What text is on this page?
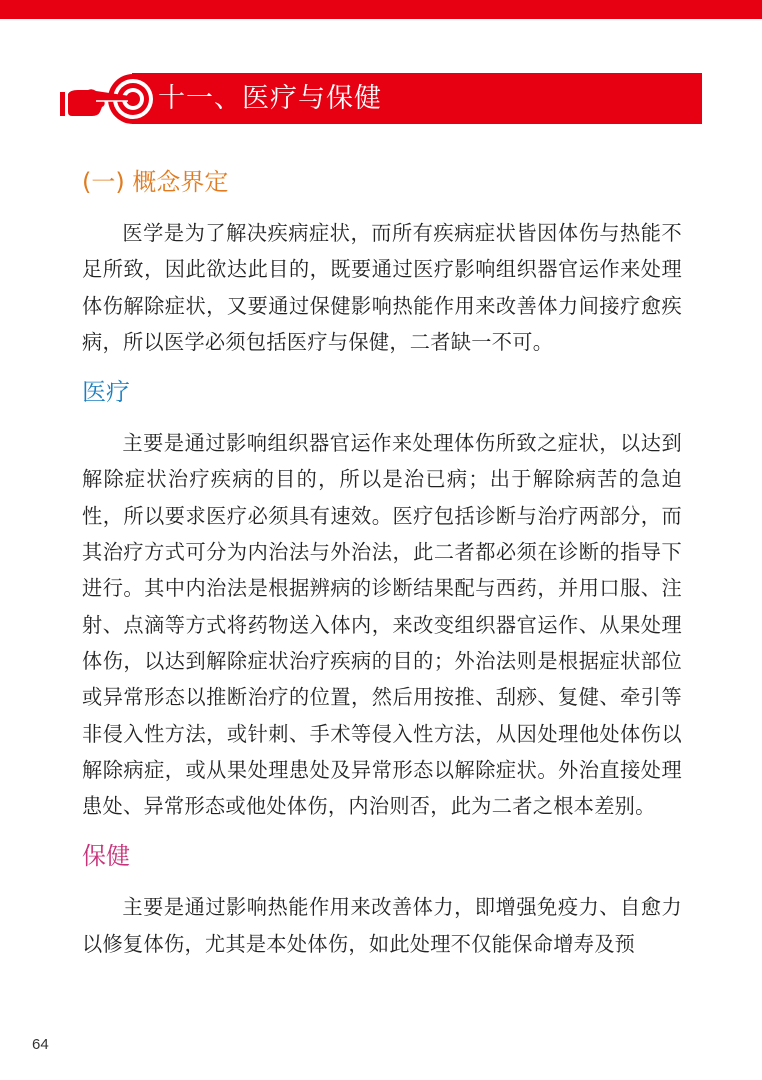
十一、医疗与保健
(一) 概念界定

医学是为了解决疾病症状，而所有疾病症状皆因体伤与热能不足所致，因此欲达此目的，既要通过医疗影响组织器官运作来处理体伤解除症状，又要通过保健影响热能作用来改善体力间接疗愈疾病，所以医学必须包括医疗与保健，二者缺一不可。

医疗

主要是通过影响组织器官运作来处理体伤所致之症状，以达到解除症状治疗疾病的目的，所以是治已病；出于解除病苦的急迫性，所以要求医疗必须具有速效。医疗包括诊断与治疗两部分，而其治疗方式可分为内治法与外治法，此二者都必须在诊断的指导下进行。其中内治法是根据辨病的诊断结果配与西药，并用口服、注射、点滴等方式将药物送入体内，来改变组织器官运作、从果处理体伤，以达到解除症状治疗疾病的目的；外治法则是根据症状部位或异常形态以推断治疗的位置，然后用按推、刮痧、复健、牵引等非侵入性方法，或针刺、手术等侵入性方法，从因处理他处体伤以解除病症，或从果处理患处及异常形态以解除症状。外治直接处理患处、异常形态或他处体伤，内治则否，此为二者之根本差别。

保健

主要是通过影响热能作用来改善体力，即增强免疫力、自愈力以修复体伤，尤其是本处体伤，如此处理不仅能保命增寿及预

64
